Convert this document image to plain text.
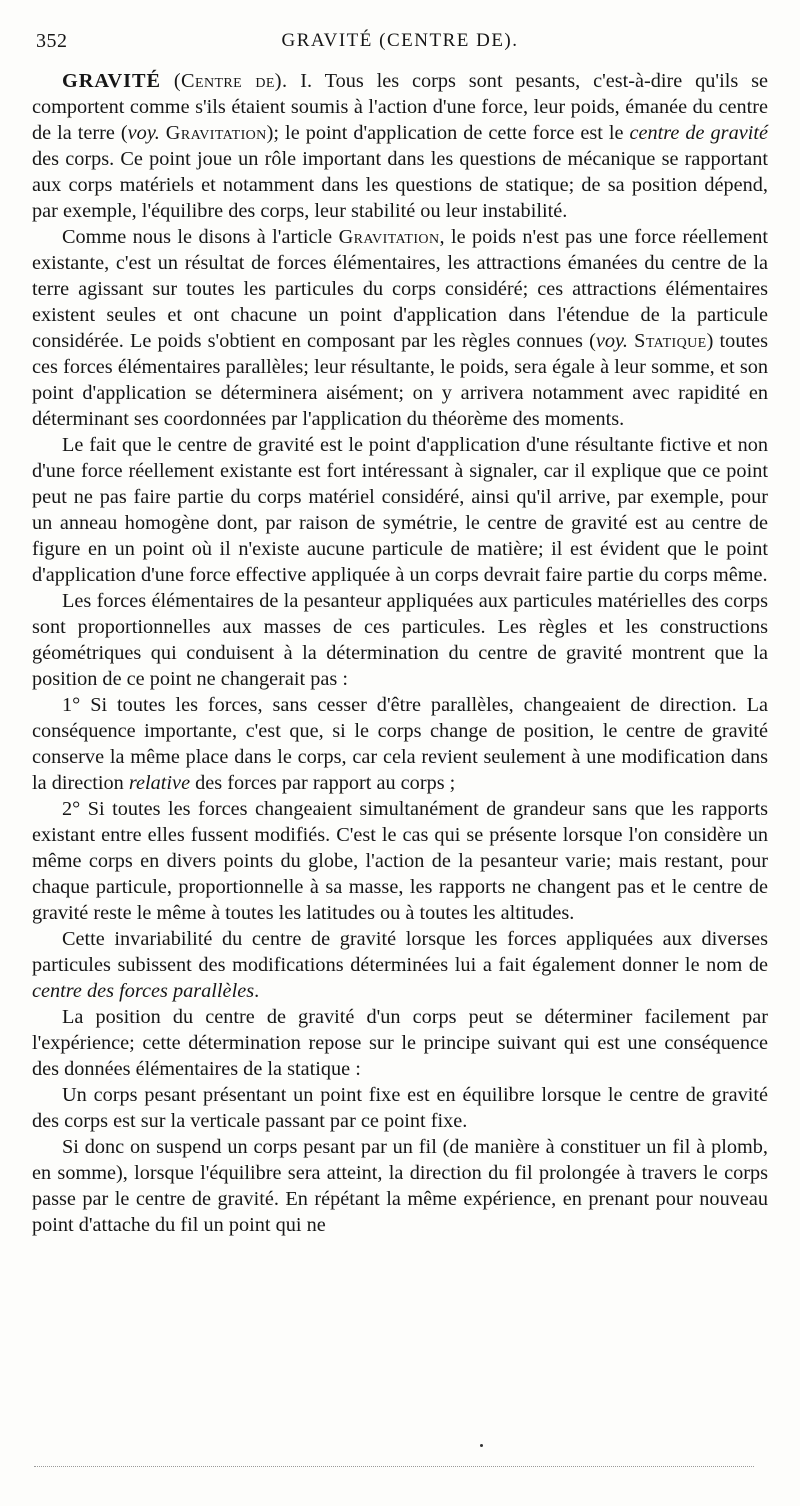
352	GRAVITÉ (CENTRE DE).

GRAVITÉ (Centre de). I. Tous les corps sont pesants, c'est-à-dire qu'ils se comportent comme s'ils étaient soumis à l'action d'une force, leur poids, émanée du centre de la terre (voy. Gravitation); le point d'application de cette force est le centre de gravité des corps. Ce point joue un rôle important dans les questions de mécanique se rapportant aux corps matériels et notamment dans les questions de statique; de sa position dépend, par exemple, l'équilibre des corps, leur stabilité ou leur instabilité.

Comme nous le disons à l'article Gravitation, le poids n'est pas une force réellement existante, c'est un résultat de forces élémentaires, les attractions émanées du centre de la terre agissant sur toutes les particules du corps considéré; ces attractions élémentaires existent seules et ont chacune un point d'application dans l'étendue de la particule considérée. Le poids s'obtient en composant par les règles connues (voy. Statique) toutes ces forces élémentaires parallèles; leur résultante, le poids, sera égale à leur somme, et son point d'application se déterminera aisément; on y arrivera notamment avec rapidité en déterminant ses coordonnées par l'application du théorème des moments.

Le fait que le centre de gravité est le point d'application d'une résultante fictive et non d'une force réellement existante est fort intéressant à signaler, car il explique que ce point peut ne pas faire partie du corps matériel considéré, ainsi qu'il arrive, par exemple, pour un anneau homogène dont, par raison de symétrie, le centre de gravité est au centre de figure en un point où il n'existe aucune particule de matière; il est évident que le point d'application d'une force effective appliquée à un corps devrait faire partie du corps même.

Les forces élémentaires de la pesanteur appliquées aux particules matérielles des corps sont proportionnelles aux masses de ces particules. Les règles et les constructions géométriques qui conduisent à la détermination du centre de gravité montrent que la position de ce point ne changerait pas :

1° Si toutes les forces, sans cesser d'être parallèles, changeaient de direction. La conséquence importante, c'est que, si le corps change de position, le centre de gravité conserve la même place dans le corps, car cela revient seulement à une modification dans la direction relative des forces par rapport au corps ;

2° Si toutes les forces changeaient simultanément de grandeur sans que les rapports existant entre elles fussent modifiés. C'est le cas qui se présente lorsque l'on considère un même corps en divers points du globe, l'action de la pesanteur varie; mais restant, pour chaque particule, proportionnelle à sa masse, les rapports ne changent pas et le centre de gravité reste le même à toutes les latitudes ou à toutes les altitudes.

Cette invariabilité du centre de gravité lorsque les forces appliquées aux diverses particules subissent des modifications déterminées lui a fait également donner le nom de centre des forces parallèles.

La position du centre de gravité d'un corps peut se déterminer facilement par l'expérience; cette détermination repose sur le principe suivant qui est une conséquence des données élémentaires de la statique :

Un corps pesant présentant un point fixe est en équilibre lorsque le centre de gravité des corps est sur la verticale passant par ce point fixe.

Si donc on suspend un corps pesant par un fil (de manière à constituer un fil à plomb, en somme), lorsque l'équilibre sera atteint, la direction du fil prolongée à travers le corps passe par le centre de gravité. En répétant la même expérience, en prenant pour nouveau point d'attache du fil un point qui ne
